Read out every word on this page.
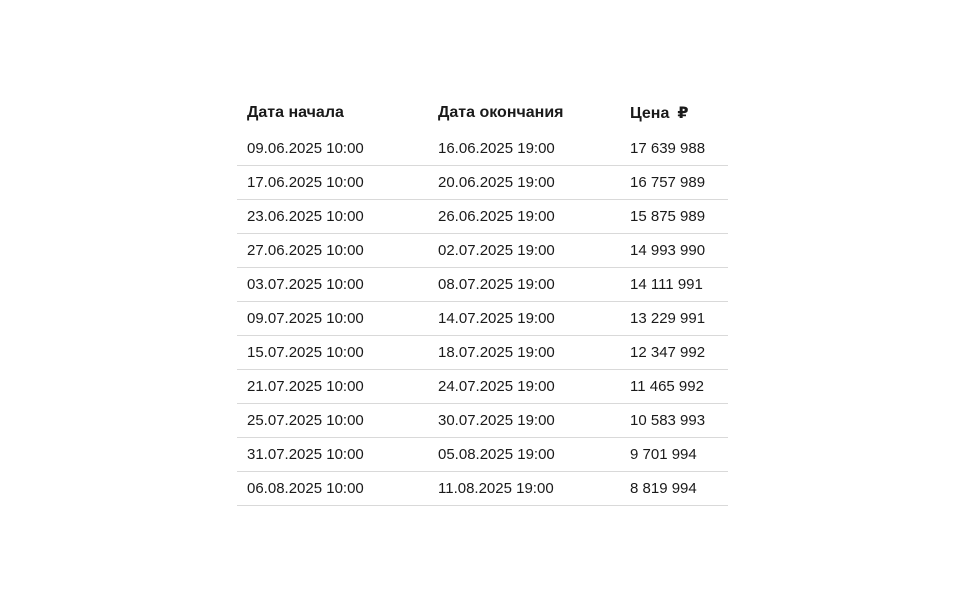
Дата начала	Дата окончания	Цена ₽
09.06.2025 10:00	16.06.2025 19:00	17 639 988
17.06.2025 10:00	20.06.2025 19:00	16 757 989
23.06.2025 10:00	26.06.2025 19:00	15 875 989
27.06.2025 10:00	02.07.2025 19:00	14 993 990
03.07.2025 10:00	08.07.2025 19:00	14 111 991
09.07.2025 10:00	14.07.2025 19:00	13 229 991
15.07.2025 10:00	18.07.2025 19:00	12 347 992
21.07.2025 10:00	24.07.2025 19:00	11 465 992
25.07.2025 10:00	30.07.2025 19:00	10 583 993
31.07.2025 10:00	05.08.2025 19:00	9 701 994
06.08.2025 10:00	11.08.2025 19:00	8 819 994
